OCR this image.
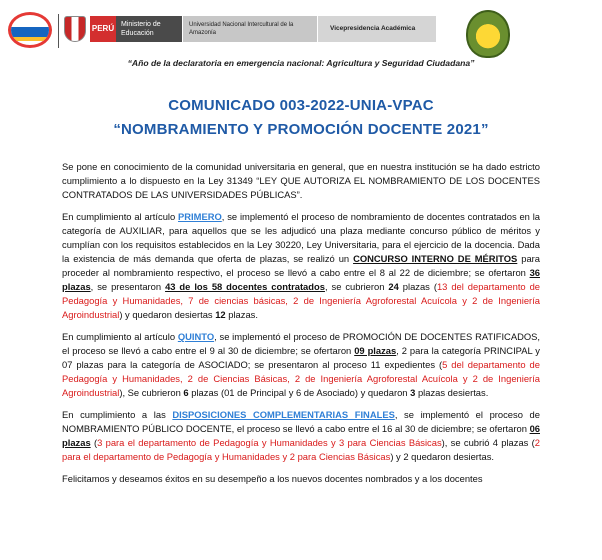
PERÚ Ministerio de Educación
Universidad Nacional Intercultural de la Amazonía
Vicepresidencia Académica
“Año de la declaratoria en emergencia nacional: Agricultura y Seguridad Ciudadana”
COMUNICADO 003-2022-UNIA-VPAC
“NOMBRAMIENTO Y PROMOCIÓN DOCENTE 2021”

Se pone en conocimiento de la comunidad universitaria en general, que en nuestra institución se ha dado estricto cumplimiento a lo dispuesto en la Ley 31349 “LEY QUE AUTORIZA EL NOMBRAMIENTO DE LOS DOCENTES CONTRATADOS DE LAS UNIVERSIDADES PÚBLICAS”.

En cumplimiento al artículo PRIMERO, se implementó el proceso de nombramiento de docentes contratados en la categoría de AUXILIAR, para aquellos que se les adjudicó una plaza mediante concurso público de méritos y cumplían con los requisitos establecidos en la Ley 30220, Ley Universitaria, para el ejercicio de la docencia. Dada la existencia de más demanda que oferta de plazas, se realizó un CONCURSO INTERNO DE MÉRITOS para proceder al nombramiento respectivo, el proceso se llevó a cabo entre el 8 al 22 de diciembre; se ofertaron 36 plazas, se presentaron 43 de los 58 docentes contratados, se cubrieron 24 plazas (13 del departamento de Pedagogía y Humanidades, 7 de ciencias básicas, 2 de Ingeniería Agroforestal Acuícola y 2 de Ingeniería Agroindustrial) y quedaron desiertas 12 plazas.

En cumplimiento al artículo QUINTO, se implementó el proceso de PROMOCIÓN DE DOCENTES RATIFICADOS, el proceso se llevó a cabo entre el 9 al 30 de diciembre; se ofertaron 09 plazas, 2 para la categoría PRINCIPAL y 07 plazas para la categoría de ASOCIADO; se presentaron al proceso 11 expedientes (5 del departamento de Pedagogía y Humanidades, 2 de Ciencias Básicas, 2 de Ingeniería Agroforestal Acuícola y 2 de Ingeniería Agroindustrial), Se cubrieron 6 plazas (01 de Principal y 6 de Asociado) y quedaron 3 plazas desiertas.

En cumplimiento a las DISPOSICIONES COMPLEMENTARIAS FINALES, se implementó el proceso de NOMBRAMIENTO PÚBLICO DOCENTE, el proceso se llevó a cabo entre el 16 al 30 de diciembre; se ofertaron 06 plazas (3 para el departamento de Pedagogía y Humanidades y 3 para Ciencias Básicas), se cubrió 4 plazas (2 para el departamento de Pedagogía y Humanidades y 2 para Ciencias Básicas) y 2 quedaron desiertas.

Felicitamos y deseamos éxitos en su desempeño a los nuevos docentes nombrados y a los docentes
